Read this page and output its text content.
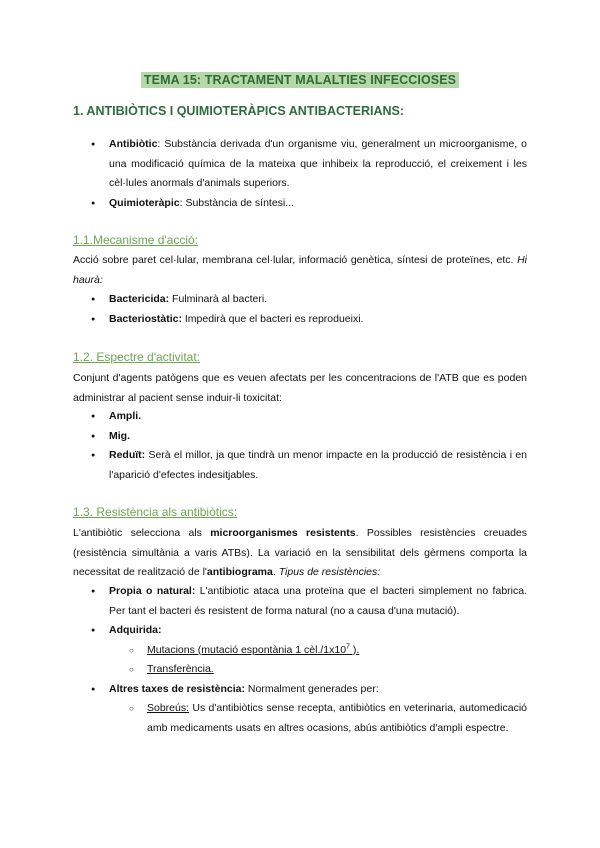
TEMA 15: TRACTAMENT MALALTIES INFECCIOSES
1. ANTIBIÒTICS I QUIMIOTERÀPICS ANTIBACTERIANS:
● Antibiòtic: Substància derivada d'un organisme viu, generalment un microorganisme, o una modificació química de la mateixa que inhibeix la reproducció, el creixement i les cèl·lules anormals d'animals superiors.
● Quimioteràpic: Substància de síntesi...
1.1.Mecanisme d'acció:

Acció sobre paret cel·lular, membrana cel·lular, informació genètica, síntesi de proteïnes, etc. Hi haurà:

● Bactericida: Fulminarà al bacteri.
● Bacteriostàtic: Impedirà que el bacteri es reprodueixi.
1.2. Espectre d'activitat:

Conjunt d'agents patògens que es veuen afectats per les concentracions de l'ATB que es poden administrar al pacient sense induir-li toxicitat:

● Ampli.
● Mig.
● Reduït: Serà el millor, ja que tindrà un menor impacte en la producció de resistència i en l'aparició d'efectes indesitjables.
1.3. Resistència als antibiòtics:

L'antibiòtic selecciona als microorganismes resistents. Possibles resistències creuades (resistència simultània a varis ATBs). La variació en la sensibilitat dels gèrmens comporta la necessitat de realització de l'antibiograma. Tipus de resistències:

● Propia o natural: L'antibiotic ataca una proteïna que el bacteri simplement no fabrica. Per tant el bacteri és resistent de forma natural (no a causa d'una mutació).
● Adquirida:
○ Mutacions (mutació espontània 1 $cèl./1x10^7$ ).
○ Transferència.
● Altres taxes de resistència: Normalment generades per:
○ Sobreús: Us d'antibiòtics sense recepta, antibiòtics en veterinaria, automedicació amb medicaments usats en altres ocasions, abús antibiòtics d'ampli espectre.
